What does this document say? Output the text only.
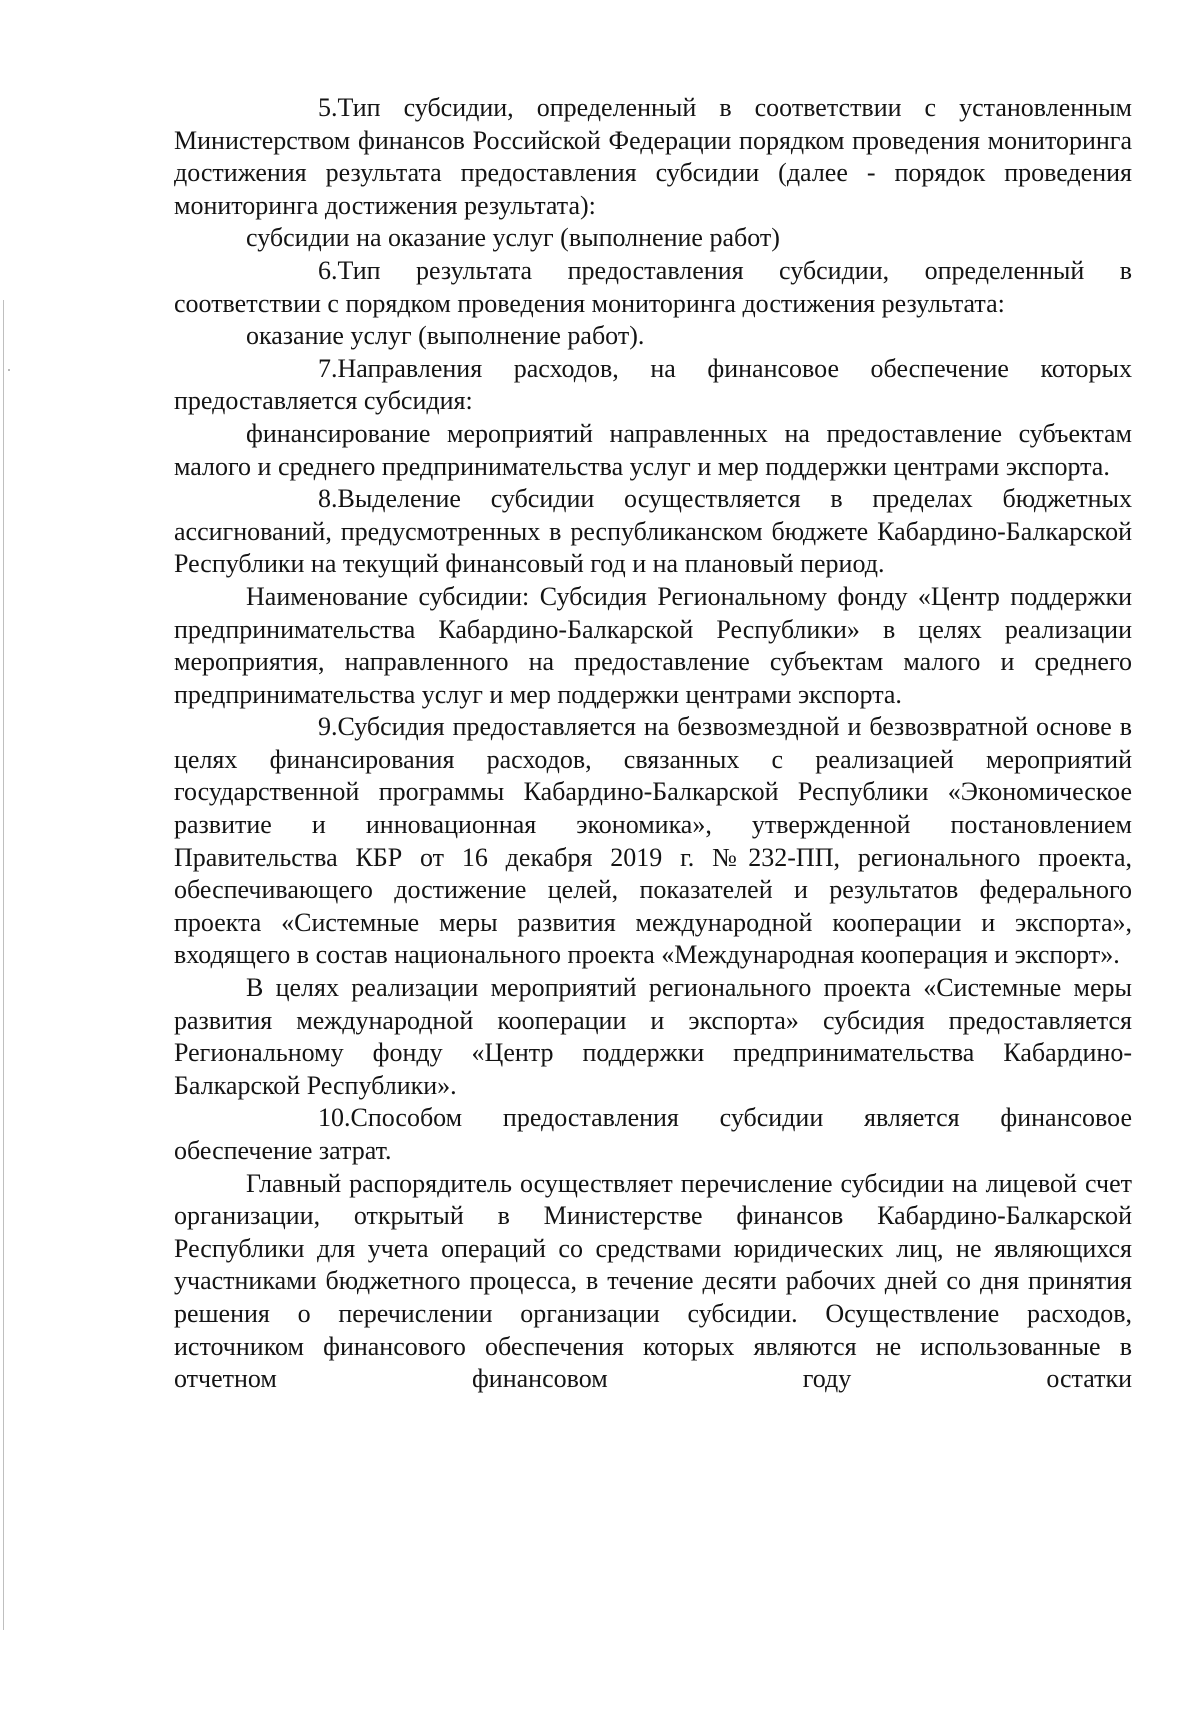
5.Тип субсидии, определенный в соответствии с установленным Министерством финансов Российской Федерации порядком проведения мониторинга достижения результата предоставления субсидии (далее - порядок проведения мониторинга достижения результата):

субсидии на оказание услуг (выполнение работ)

6.Тип результата предоставления субсидии, определенный в соответствии с порядком проведения мониторинга достижения результата:

оказание услуг (выполнение работ).

7.Направления расходов, на финансовое обеспечение которых предоставляется субсидия:

финансирование мероприятий направленных на предоставление субъектам малого и среднего предпринимательства услуг и мер поддержки центрами экспорта.

8.Выделение субсидии осуществляется в пределах бюджетных ассигнований, предусмотренных в республиканском бюджете Кабардино-Балкарской Республики на текущий финансовый год и на плановый период.

Наименование субсидии: Субсидия Региональному фонду «Центр поддержки предпринимательства Кабардино-Балкарской Республики» в целях реализации мероприятия, направленного на предоставление субъектам малого и среднего предпринимательства услуг и мер поддержки центрами экспорта.

9.Субсидия предоставляется на безвозмездной и безвозвратной основе в целях финансирования расходов, связанных с реализацией мероприятий государственной программы Кабардино-Балкарской Республики «Экономическое развитие и инновационная экономика», утвержденной постановлением Правительства КБР от 16 декабря 2019 г. №232-ПП, регионального проекта, обеспечивающего достижение целей, показателей и результатов федерального проекта «Системные меры развития международной кооперации и экспорта», входящего в состав национального проекта «Международная кооперация и экспорт».

В целях реализации мероприятий регионального проекта «Системные меры развития международной кооперации и экспорта» субсидия предоставляется Региональному фонду «Центр поддержки предпринимательства Кабардино-Балкарской Республики».

10.Способом предоставления субсидии является финансовое обеспечение затрат.

Главный распорядитель осуществляет перечисление субсидии на лицевой счет организации, открытый в Министерстве финансов Кабардино-Балкарской Республики для учета операций со средствами юридических лиц, не являющихся участниками бюджетного процесса, в течение десяти рабочих дней со дня принятия решения о перечислении организации субсидии. Осуществление расходов, источником финансового обеспечения которых являются не использованные в отчетном финансовом году остатки
